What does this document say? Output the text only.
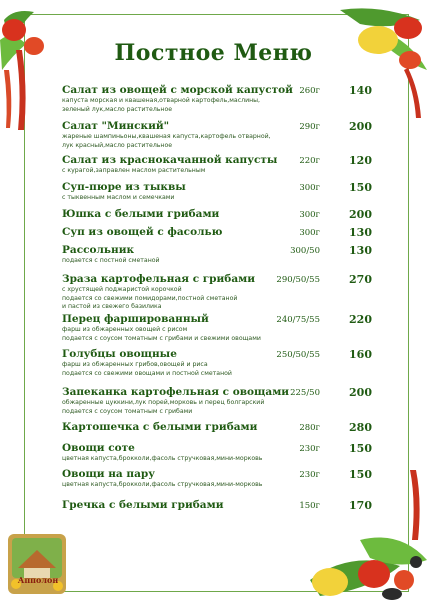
Апполон
Постное Меню
Салат из овощей с морской капустой
капуста морская и квашеная,отварной картофель,маслины,
зеленый лук,масло растительное
260г	140
Салат "Минский"
жареные шампиньоны,квашеная капуста,картофель отварной,
лук красный,масло растительное
290г	200
Салат из краснокачанной капусты
с курагой,заправлен маслом растительным
220г	120
Суп-пюре из тыквы
с тыквенным маслом и семечками
300г	150
Юшка с белыми грибами	300г	200
Суп из овощей с фасолью	300г	130
Рассольник
подается с постной сметаной
300/50	130
Зраза картофельная с грибами
с хрустящей поджаристой корочкой
подается со свежими помидорами,постной сметаной
и пастой из свежего базилика
290/50/55	270
Перец фаршированный
фарш из обжаренных овощей с рисом
подается с соусом томатным с грибами и свежими овощами
240/75/55	220
Голубцы овощные
фарш из обжаренных грибов,овощей и риса
подается со свежими овощами и постной сметаной
250/50/55	160
Запеканка картофельная с овощами
обжаренные цуккини,лук порей,морковь и перец болгарский
подается с соусом томатным с грибами
225/50	200
Картошечка с белыми грибами	280г	280
Овощи соте
цветная капуста,брокколи,фасоль стручковая,мини-морковь
230г	150
Овощи на пару
цветная капуста,брокколи,фасоль стручковая,мини-морковь
230г	150
Гречка с белыми грибами	150г	170
